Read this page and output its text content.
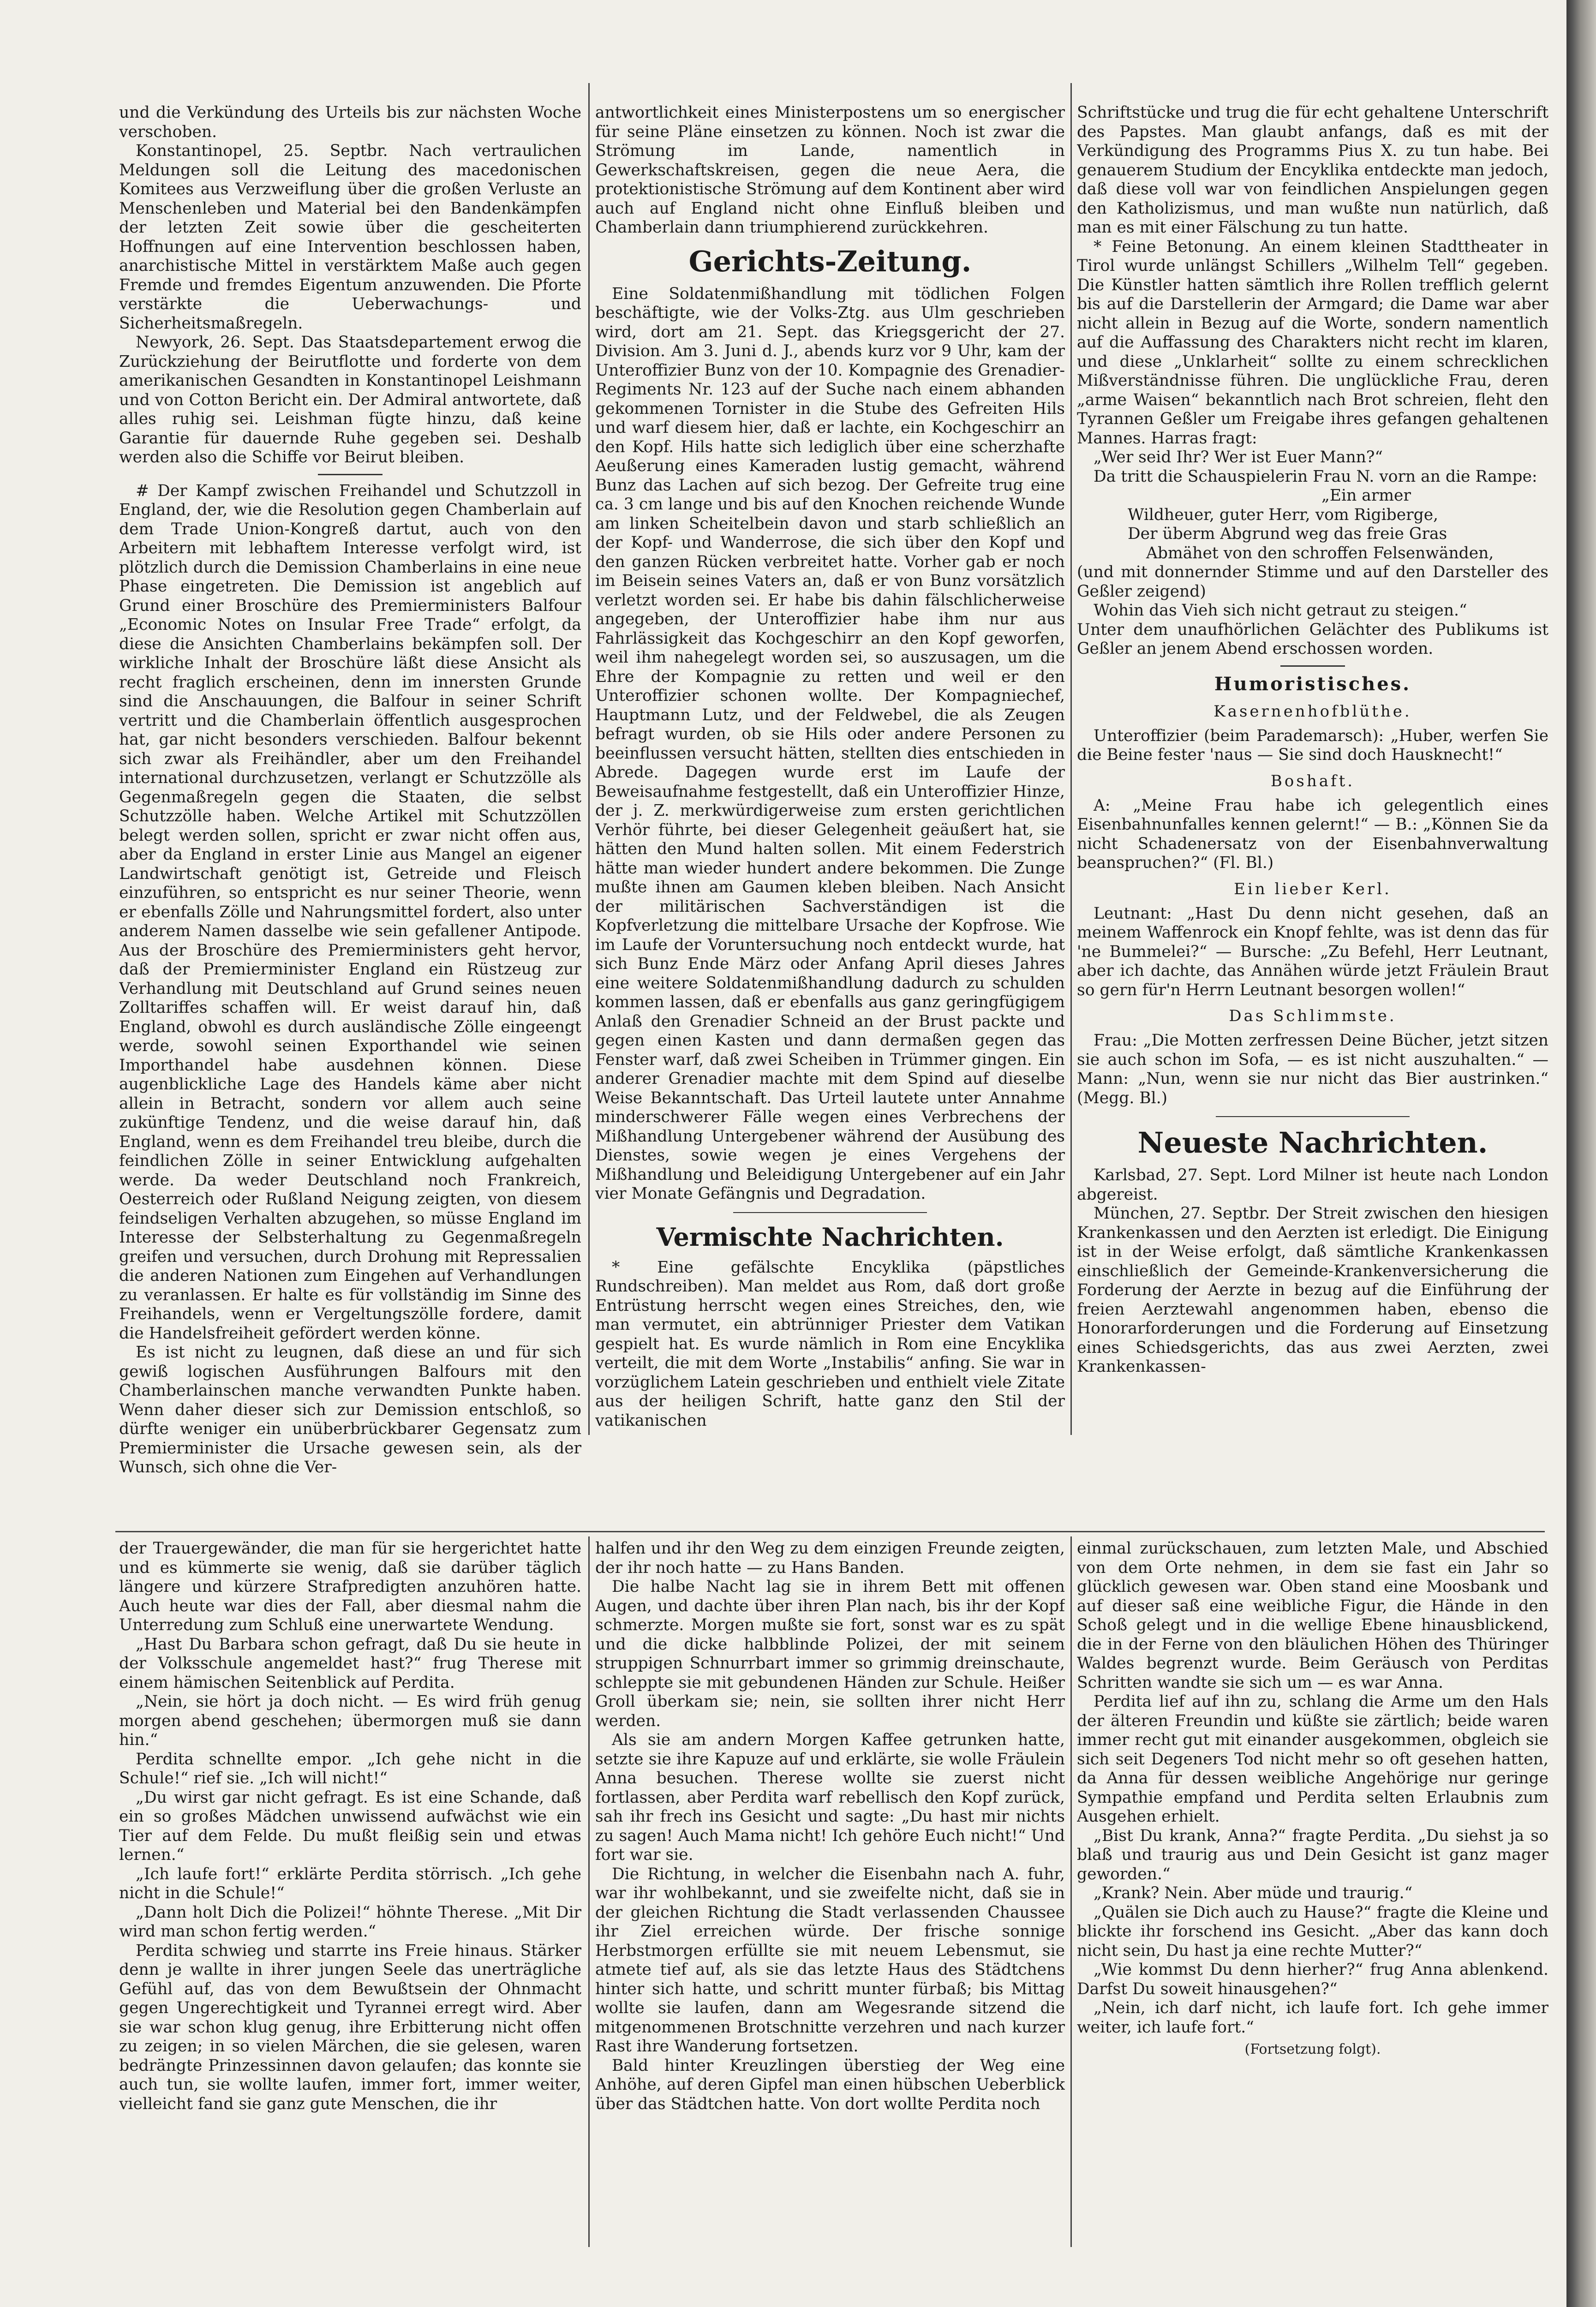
und die Verkündung des Urteils bis zur nächsten Woche verschoben.

Konstantinopel, 25. Septbr. Nach vertraulichen Meldungen soll die Leitung des macedonischen Komitees aus Verzweiflung über die großen Verluste an Menschenleben und Material bei den Bandenkämpfen der letzten Zeit sowie über die gescheiterten Hoffnungen auf eine Intervention beschlossen haben, anarchistische Mittel in verstärktem Maße auch gegen Fremde und fremdes Eigentum anzuwenden. Die Pforte verstärkte die Ueberwachungs- und Sicherheitsmaßregeln.

Newyork, 26. Sept. Das Staatsdepartement erwog die Zurückziehung der Beirutflotte und forderte von dem amerikanischen Gesandten in Konstantinopel Leishmann und von Cotton Bericht ein. Der Admiral antwortete, daß alles ruhig sei. Leishman fügte hinzu, daß keine Garantie für dauernde Ruhe gegeben sei. Deshalb werden also die Schiffe vor Beirut bleiben.

# Der Kampf zwischen Freihandel und Schutzzoll in England, der, wie die Resolution gegen Chamberlain auf dem Trade Union-Kongreß dartut, auch von den Arbeitern mit lebhaftem Interesse verfolgt wird, ist plötzlich durch die Demission Chamberlains in eine neue Phase eingetreten. Die Demission ist angeblich auf Grund einer Broschüre des Premierministers Balfour „Economic Notes on Insular Free Trade“ erfolgt, da diese die Ansichten Chamberlains bekämpfen soll. Der wirkliche Inhalt der Broschüre läßt diese Ansicht als recht fraglich erscheinen, denn im innersten Grunde sind die Anschauungen, die Balfour in seiner Schrift vertritt und die Chamberlain öffentlich ausgesprochen hat, gar nicht besonders verschieden. Balfour bekennt sich zwar als Freihändler, aber um den Freihandel international durchzusetzen, verlangt er Schutzzölle als Gegenmaßregeln gegen die Staaten, die selbst Schutzzölle haben. Welche Artikel mit Schutzzöllen belegt werden sollen, spricht er zwar nicht offen aus, aber da England in erster Linie aus Mangel an eigener Landwirtschaft genötigt ist, Getreide und Fleisch einzuführen, so entspricht es nur seiner Theorie, wenn er ebenfalls Zölle und Nahrungsmittel fordert, also unter anderem Namen dasselbe wie sein gefallener Antipode. Aus der Broschüre des Premierministers geht hervor, daß der Premierminister England ein Rüstzeug zur Verhandlung mit Deutschland auf Grund seines neuen Zolltariffes schaffen will. Er weist darauf hin, daß England, obwohl es durch ausländische Zölle eingeengt werde, sowohl seinen Exporthandel wie seinen Importhandel habe ausdehnen können. Diese augenblickliche Lage des Handels käme aber nicht allein in Betracht, sondern vor allem auch seine zukünftige Tendenz, und die weise darauf hin, daß England, wenn es dem Freihandel treu bleibe, durch die feindlichen Zölle in seiner Entwicklung aufgehalten werde. Da weder Deutschland noch Frankreich, Oesterreich oder Rußland Neigung zeigten, von diesem feindseligen Verhalten abzugehen, so müsse England im Interesse der Selbsterhaltung zu Gegenmaßregeln greifen und versuchen, durch Drohung mit Repressalien die anderen Nationen zum Eingehen auf Verhandlungen zu veranlassen. Er halte es für vollständig im Sinne des Freihandels, wenn er Vergeltungszölle fordere, damit die Handelsfreiheit gefördert werden könne.

Es ist nicht zu leugnen, daß diese an und für sich gewiß logischen Ausführungen Balfours mit den Chamberlainschen manche verwandten Punkte haben. Wenn daher dieser sich zur Demission entschloß, so dürfte weniger ein unüberbrückbarer Gegensatz zum Premierminister die Ursache gewesen sein, als der Wunsch, sich ohne die Ver-

antwortlichkeit eines Ministerpostens um so energischer für seine Pläne einsetzen zu können. Noch ist zwar die Strömung im Lande, namentlich in Gewerkschaftskreisen, gegen die neue Aera, die protektionistische Strömung auf dem Kontinent aber wird auch auf England nicht ohne Einfluß bleiben und Chamberlain dann triumphierend zurückkehren.

Gerichts-Zeitung.

Eine Soldatenmißhandlung mit tödlichen Folgen beschäftigte, wie der Volks-Ztg. aus Ulm geschrieben wird, dort am 21. Sept. das Kriegsgericht der 27. Division. Am 3. Juni d. J., abends kurz vor 9 Uhr, kam der Unteroffizier Bunz von der 10. Kompagnie des Grenadier-Regiments Nr. 123 auf der Suche nach einem abhanden gekommenen Tornister in die Stube des Gefreiten Hils und warf diesem hier, daß er lachte, ein Kochgeschirr an den Kopf. Hils hatte sich lediglich über eine scherzhafte Aeußerung eines Kameraden lustig gemacht, während Bunz das Lachen auf sich bezog. Der Gefreite trug eine ca. 3 cm lange und bis auf den Knochen reichende Wunde am linken Scheitelbein davon und starb schließlich an der Kopf- und Wanderrose, die sich über den Kopf und den ganzen Rücken verbreitet hatte. Vorher gab er noch im Beisein seines Vaters an, daß er von Bunz vorsätzlich verletzt worden sei. Er habe bis dahin fälschlicherweise angegeben, der Unteroffizier habe ihm nur aus Fahrlässigkeit das Kochgeschirr an den Kopf geworfen, weil ihm nahegelegt worden sei, so auszusagen, um die Ehre der Kompagnie zu retten und weil er den Unteroffizier schonen wollte. Der Kompagniechef, Hauptmann Lutz, und der Feldwebel, die als Zeugen befragt wurden, ob sie Hils oder andere Personen zu beeinflussen versucht hätten, stellten dies entschieden in Abrede. Dagegen wurde erst im Laufe der Beweisaufnahme festgestellt, daß ein Unteroffizier Hinze, der j. Z. merkwürdigerweise zum ersten gerichtlichen Verhör führte, bei dieser Gelegenheit geäußert hat, sie hätten den Mund halten sollen. Mit einem Federstrich hätte man wieder hundert andere bekommen. Die Zunge mußte ihnen am Gaumen kleben bleiben. Nach Ansicht der militärischen Sachverständigen ist die Kopfverletzung die mittelbare Ursache der Kopfrose. Wie im Laufe der Voruntersuchung noch entdeckt wurde, hat sich Bunz Ende März oder Anfang April dieses Jahres eine weitere Soldatenmißhandlung dadurch zu schulden kommen lassen, daß er ebenfalls aus ganz geringfügigem Anlaß den Grenadier Schneid an der Brust packte und gegen einen Kasten und dann dermaßen gegen das Fenster warf, daß zwei Scheiben in Trümmer gingen. Ein anderer Grenadier machte mit dem Spind auf dieselbe Weise Bekanntschaft. Das Urteil lautete unter Annahme minderschwerer Fälle wegen eines Verbrechens der Mißhandlung Untergebener während der Ausübung des Dienstes, sowie wegen je eines Vergehens der Mißhandlung und Beleidigung Untergebener auf ein Jahr vier Monate Gefängnis und Degradation.

Vermischte Nachrichten.

* Eine gefälschte Encyklika (päpstliches Rundschreiben). Man meldet aus Rom, daß dort große Entrüstung herrscht wegen eines Streiches, den, wie man vermutet, ein abtrünniger Priester dem Vatikan gespielt hat. Es wurde nämlich in Rom eine Encyklika verteilt, die mit dem Worte „Instabilis“ anfing. Sie war in vorzüglichem Latein geschrieben und enthielt viele Zitate aus der heiligen Schrift, hatte ganz den Stil der vatikanischen

Schriftstücke und trug die für echt gehaltene Unterschrift des Papstes. Man glaubt anfangs, daß es mit der Verkündigung des Programms Pius X. zu tun habe. Bei genauerem Studium der Encyklika entdeckte man jedoch, daß diese voll war von feindlichen Anspielungen gegen den Katholizismus, und man wußte nun natürlich, daß man es mit einer Fälschung zu tun hatte.

* Feine Betonung. An einem kleinen Stadttheater in Tirol wurde unlängst Schillers „Wilhelm Tell“ gegeben. Die Künstler hatten sämtlich ihre Rollen trefflich gelernt bis auf die Darstellerin der Armgard; die Dame war aber nicht allein in Bezug auf die Worte, sondern namentlich auf die Auffassung des Charakters nicht recht im klaren, und diese „Unklarheit“ sollte zu einem schrecklichen Mißverständnisse führen. Die unglückliche Frau, deren „arme Waisen“ bekanntlich nach Brot schreien, fleht den Tyrannen Geßler um Freigabe ihres gefangen gehaltenen Mannes. Harras fragt:

„Wer seid Ihr? Wer ist Euer Mann?“

Da tritt die Schauspielerin Frau N. vorn an die Rampe:

„Ein armer

Wildheuer, guter Herr, vom Rigiberge,

Der überm Abgrund weg das freie Gras

Abmähet von den schroffen Felsenwänden,

(und mit donnernder Stimme und auf den Darsteller des Geßler zeigend)

Wohin das Vieh sich nicht getraut zu steigen.“

Unter dem unaufhörlichen Gelächter des Publikums ist Geßler an jenem Abend erschossen worden.

Humoristisches.
Kasernenhofblüthe.

Unteroffizier (beim Parademarsch): „Huber, werfen Sie die Beine fester 'naus — Sie sind doch Hausknecht!“

Boshaft.

A: „Meine Frau habe ich gelegentlich eines Eisenbahnunfalles kennen gelernt!“ — B.: „Können Sie da nicht Schadenersatz von der Eisenbahnverwaltung beanspruchen?“ (Fl. Bl.)

Ein lieber Kerl.

Leutnant: „Hast Du denn nicht gesehen, daß an meinem Waffenrock ein Knopf fehlte, was ist denn das für 'ne Bummelei?“ — Bursche: „Zu Befehl, Herr Leutnant, aber ich dachte, das Annähen würde jetzt Fräulein Braut so gern für'n Herrn Leutnant besorgen wollen!“

Das Schlimmste.

Frau: „Die Motten zerfressen Deine Bücher, jetzt sitzen sie auch schon im Sofa, — es ist nicht auszuhalten.“ — Mann: „Nun, wenn sie nur nicht das Bier austrinken.“ (Megg. Bl.)

Neueste Nachrichten.

Karlsbad, 27. Sept. Lord Milner ist heute nach London abgereist.

München, 27. Septbr. Der Streit zwischen den hiesigen Krankenkassen und den Aerzten ist erledigt. Die Einigung ist in der Weise erfolgt, daß sämtliche Krankenkassen einschließlich der Gemeinde-Krankenversicherung die Forderung der Aerzte in bezug auf die Einführung der freien Aerztewahl angenommen haben, ebenso die Honorarforderungen und die Forderung auf Einsetzung eines Schiedsgerichts, das aus zwei Aerzten, zwei Krankenkassen-

der Trauergewänder, die man für sie hergerichtet hatte und es kümmerte sie wenig, daß sie darüber täglich längere und kürzere Strafpredigten anzuhören hatte. Auch heute war dies der Fall, aber diesmal nahm die Unterredung zum Schluß eine unerwartete Wendung.

„Hast Du Barbara schon gefragt, daß Du sie heute in der Volksschule angemeldet hast?“ frug Therese mit einem hämischen Seitenblick auf Perdita.

„Nein, sie hört ja doch nicht. — Es wird früh genug morgen abend geschehen; übermorgen muß sie dann hin.“

Perdita schnellte empor. „Ich gehe nicht in die Schule!“ rief sie. „Ich will nicht!“

„Du wirst gar nicht gefragt. Es ist eine Schande, daß ein so großes Mädchen unwissend aufwächst wie ein Tier auf dem Felde. Du mußt fleißig sein und etwas lernen.“

„Ich laufe fort!“ erklärte Perdita störrisch. „Ich gehe nicht in die Schule!“

„Dann holt Dich die Polizei!“ höhnte Therese. „Mit Dir wird man schon fertig werden.“

Perdita schwieg und starrte ins Freie hinaus. Stärker denn je wallte in ihrer jungen Seele das unerträgliche Gefühl auf, das von dem Bewußtsein der Ohnmacht gegen Ungerechtigkeit und Tyrannei erregt wird. Aber sie war schon klug genug, ihre Erbitterung nicht offen zu zeigen; in so vielen Märchen, die sie gelesen, waren bedrängte Prinzessinnen davon gelaufen; das konnte sie auch tun, sie wollte laufen, immer fort, immer weiter, vielleicht fand sie ganz gute Menschen, die ihr

halfen und ihr den Weg zu dem einzigen Freunde zeigten, der ihr noch hatte — zu Hans Banden.

Die halbe Nacht lag sie in ihrem Bett mit offenen Augen, und dachte über ihren Plan nach, bis ihr der Kopf schmerzte. Morgen mußte sie fort, sonst war es zu spät und die dicke halbblinde Polizei, der mit seinem struppigen Schnurrbart immer so grimmig dreinschaute, schleppte sie mit gebundenen Händen zur Schule. Heißer Groll überkam sie; nein, sie sollten ihrer nicht Herr werden.

Als sie am andern Morgen Kaffee getrunken hatte, setzte sie ihre Kapuze auf und erklärte, sie wolle Fräulein Anna besuchen. Therese wollte sie zuerst nicht fortlassen, aber Perdita warf rebellisch den Kopf zurück, sah ihr frech ins Gesicht und sagte: „Du hast mir nichts zu sagen! Auch Mama nicht! Ich gehöre Euch nicht!“ Und fort war sie.

Die Richtung, in welcher die Eisenbahn nach A. fuhr, war ihr wohlbekannt, und sie zweifelte nicht, daß sie in der gleichen Richtung die Stadt verlassenden Chaussee ihr Ziel erreichen würde. Der frische sonnige Herbstmorgen erfüllte sie mit neuem Lebensmut, sie atmete tief auf, als sie das letzte Haus des Städtchens hinter sich hatte, und schritt munter fürbaß; bis Mittag wollte sie laufen, dann am Wegesrande sitzend die mitgenommenen Brotschnitte verzehren und nach kurzer Rast ihre Wanderung fortsetzen.

Bald hinter Kreuzlingen überstieg der Weg eine Anhöhe, auf deren Gipfel man einen hübschen Ueberblick über das Städtchen hatte. Von dort wollte Perdita noch

einmal zurückschauen, zum letzten Male, und Abschied von dem Orte nehmen, in dem sie fast ein Jahr so glücklich gewesen war. Oben stand eine Moosbank und auf dieser saß eine weibliche Figur, die Hände in den Schoß gelegt und in die wellige Ebene hinausblickend, die in der Ferne von den bläulichen Höhen des Thüringer Waldes begrenzt wurde. Beim Geräusch von Perditas Schritten wandte sie sich um — es war Anna.

Perdita lief auf ihn zu, schlang die Arme um den Hals der älteren Freundin und küßte sie zärtlich; beide waren immer recht gut mit einander ausgekommen, obgleich sie sich seit Degeners Tod nicht mehr so oft gesehen hatten, da Anna für dessen weibliche Angehörige nur geringe Sympathie empfand und Perdita selten Erlaubnis zum Ausgehen erhielt.

„Bist Du krank, Anna?“ fragte Perdita. „Du siehst ja so blaß und traurig aus und Dein Gesicht ist ganz mager geworden.“

„Krank? Nein. Aber müde und traurig.“

„Quälen sie Dich auch zu Hause?“ fragte die Kleine und blickte ihr forschend ins Gesicht. „Aber das kann doch nicht sein, Du hast ja eine rechte Mutter?“

„Wie kommst Du denn hierher?“ frug Anna ablenkend. Darfst Du soweit hinausgehen?“

„Nein, ich darf nicht, ich laufe fort. Ich gehe immer weiter, ich laufe fort.“

(Fortsetzung folgt).
